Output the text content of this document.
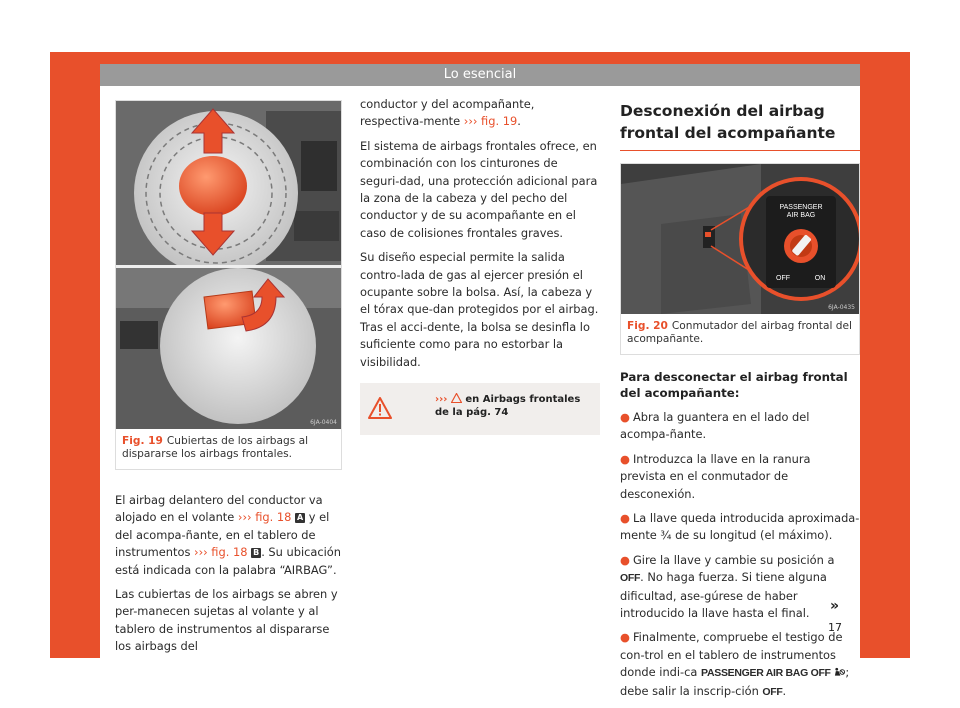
Lo esencial
6JA-0404
Fig. 19 Cubiertas de los airbags al dispararse los airbags frontales.

El airbag delantero del conductor va alojado en el volante ››› fig. 18 A y el del acompa-ñante, en el tablero de instrumentos ››› fig. 18 B . Su ubicación está indicada con la palabra “AIRBAG”.

Las cubiertas de los airbags se abren y per-manecen sujetas al volante y al tablero de instrumentos al dispararse los airbags del

conductor y del acompañante, respectiva-mente ››› fig. 19.

El sistema de airbags frontales ofrece, en combinación con los cinturones de seguri-dad, una protección adicional para la zona de la cabeza y del pecho del conductor y de su acompañante en el caso de colisiones frontales graves.

Su diseño especial permite la salida contro-lada de gas al ejercer presión el ocupante sobre la bolsa. Así, la cabeza y el tórax que-dan protegidos por el airbag. Tras el acci-dente, la bolsa se desinfla lo suficiente como para no estorbar la visibilidad.

››› en Airbags frontales de la pág. 74
Desconexión del airbag frontal del acompañante
PASSENGER
AIR BAG
OFF	ON
6JA-0435
Fig. 20 Conmutador del airbag frontal del acompañante.
Para desconectar el airbag frontal del acompañante:

● Abra la guantera en el lado del acompa-ñante.

● Introduzca la llave en la ranura prevista en el conmutador de desconexión.

● La llave queda introducida aproximada-mente ¾ de su longitud (el máximo).

● Gire la llave y cambie su posición a OFF. No haga fuerza. Si tiene alguna dificultad, ase-gúrese de haber introducido la llave hasta el final.

● Finalmente, compruebe el testigo de con-trol en el tablero de instrumentos donde indi-ca PASSENGER AIR BAG OFF ; debe salir la inscrip-ción OFF.

»
17
